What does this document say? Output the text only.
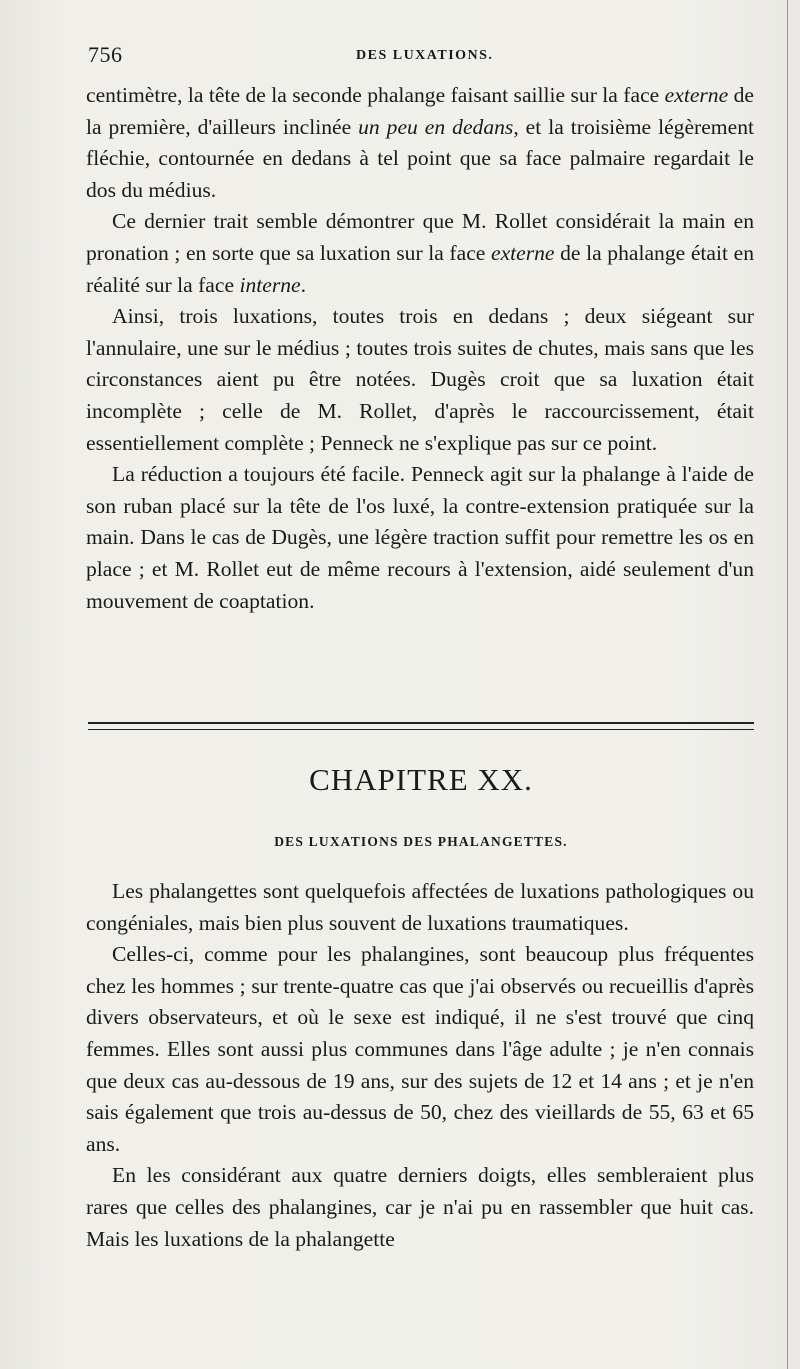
756	DES LUXATIONS.

centimètre, la tête de la seconde phalange faisant saillie sur la face externe de la première, d'ailleurs inclinée un peu en dedans, et la troisième légèrement fléchie, contournée en dedans à tel point que sa face palmaire regardait le dos du médius.

Ce dernier trait semble démontrer que M. Rollet considérait la main en pronation ; en sorte que sa luxation sur la face externe de la phalange était en réalité sur la face interne.

Ainsi, trois luxations, toutes trois en dedans ; deux siégeant sur l'annulaire, une sur le médius ; toutes trois suites de chutes, mais sans que les circonstances aient pu être notées. Dugès croit que sa luxation était incomplète ; celle de M. Rollet, d'après le raccourcissement, était essentiellement complète ; Penneck ne s'explique pas sur ce point.

La réduction a toujours été facile. Penneck agit sur la phalange à l'aide de son ruban placé sur la tête de l'os luxé, la contre-extension pratiquée sur la main. Dans le cas de Dugès, une légère traction suffit pour remettre les os en place ; et M. Rollet eut de même recours à l'extension, aidé seulement d'un mouvement de coaptation.

CHAPITRE XX.
DES LUXATIONS DES PHALANGETTES.

Les phalangettes sont quelquefois affectées de luxations pathologiques ou congéniales, mais bien plus souvent de luxations traumatiques.

Celles-ci, comme pour les phalangines, sont beaucoup plus fréquentes chez les hommes ; sur trente-quatre cas que j'ai observés ou recueillis d'après divers observateurs, et où le sexe est indiqué, il ne s'est trouvé que cinq femmes. Elles sont aussi plus communes dans l'âge adulte ; je n'en connais que deux cas au-dessous de 19 ans, sur des sujets de 12 et 14 ans ; et je n'en sais également que trois au-dessus de 50, chez des vieillards de 55, 63 et 65 ans.

En les considérant aux quatre derniers doigts, elles sembleraient plus rares que celles des phalangines, car je n'ai pu en rassembler que huit cas. Mais les luxations de la phalangette
